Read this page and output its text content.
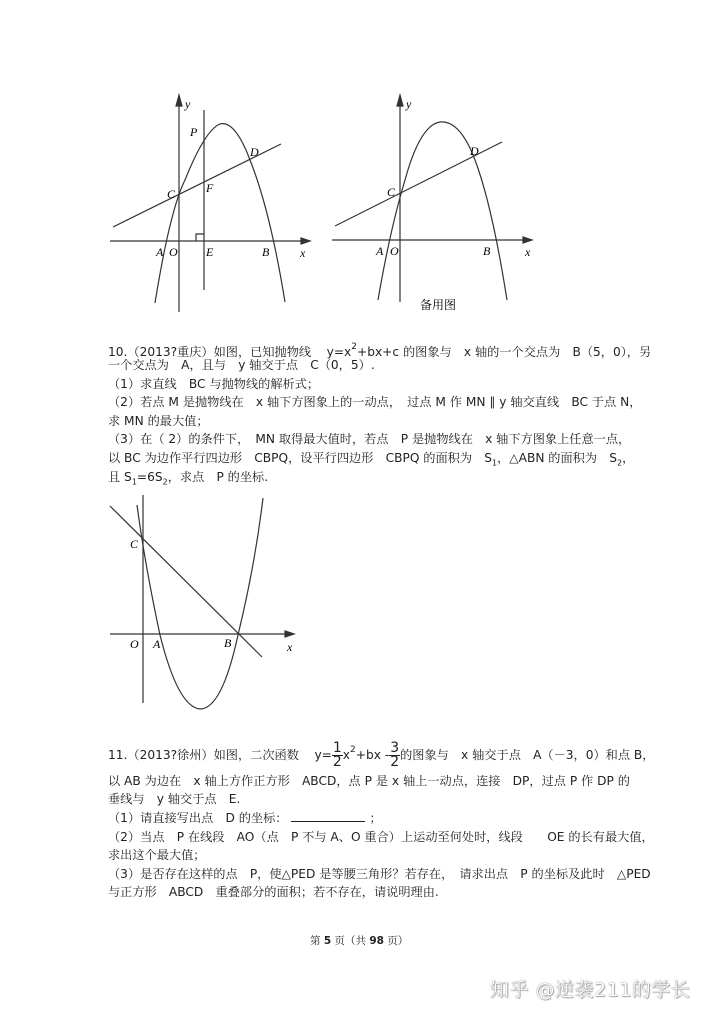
y
P
D
C	F
A O E	B	x
y
D
C
A O	B	x
备用图
10.（2013?重庆）如图，已知抛物线 $y=x^2+bx+c$ 的图象与　x 轴的一个交点为　B（5，0），另
一个交点为　A，且与　y 轴交于点　C（0，5）.
（1）求直线　BC 与抛物线的解析式；
（2）若点 M 是抛物线在　x 轴下方图象上的一动点，　过点 M 作 MN ∥ y 轴交直线　BC 于点 N，
求 MN 的最大值；
（3）在（ 2）的条件下，　MN 取得最大值时，若点　P 是抛物线在　x 轴下方图象上任意一点，
以 BC 为边作平行四边形　CBPQ，设平行四边形　CBPQ 的面积为　$S_1$，△ABN 的面积为　$S_2$，
且 $S_1=6S_2$，求点　P 的坐标.
C
O A	B	x
11.（2013?徐州）如图，二次函数 $y= \frac{1}{2} x^2+bx - \frac{3}{2}$ 的图象与　x 轴交于点　A（－3，0）和点 B，
以 AB 为边在　x 轴上方作正方形　ABCD，点 P 是 x 轴上一动点，连接　DP，过点 P 作 DP 的
垂线与　y 轴交于点　E.
（1）请直接写出点　D 的坐标：	；
（2）当点　P 在线段　AO（点　P 不与 A、O 重合）上运动至何处时，线段　　OE 的长有最大值，
求出这个最大值；
（3）是否存在这样的点　P，使△PED 是等腰三角形？若存在，　请求出点　P 的坐标及此时　△PED
与正方形　ABCD　重叠部分的面积；若不存在，请说明理由.
第 5 页（共 98 页）
知乎 @逆袭211的学长
